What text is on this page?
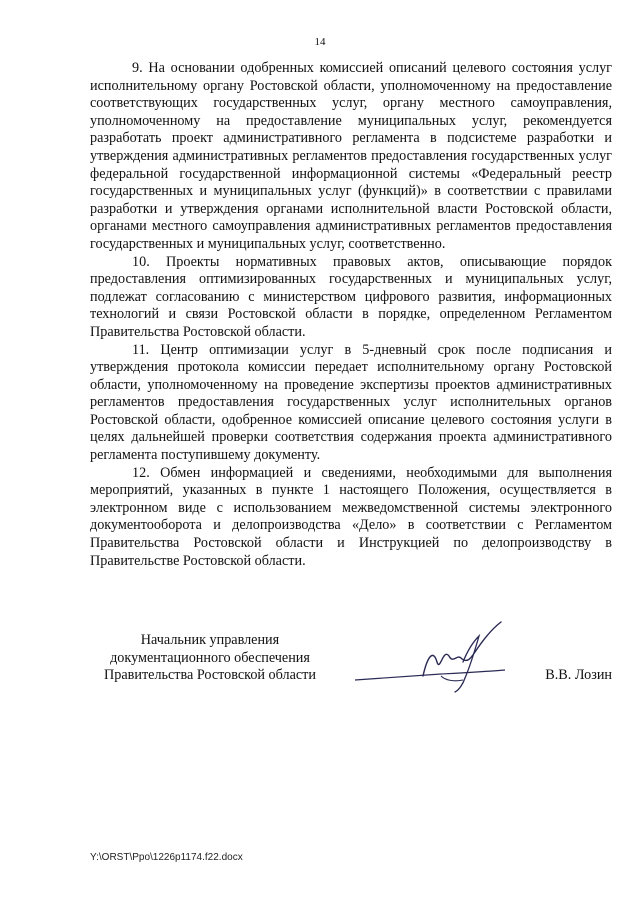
14

9. На основании одобренных комиссией описаний целевого состояния услуг исполнительному органу Ростовской области, уполномоченному на предоставление соответствующих государственных услуг, органу местного самоуправления, уполномоченному на предоставление муниципальных услуг, рекомендуется разработать проект административного регламента в подсистеме разработки и утверждения административных регламентов предоставления государственных услуг федеральной государственной информационной системы «Федеральный реестр государственных и муниципальных услуг (функций)» в соответствии с правилами разработки и утверждения органами исполнительной власти Ростовской области, органами местного самоуправления административных регламентов предоставления государственных и муниципальных услуг, соответственно.

10. Проекты нормативных правовых актов, описывающие порядок предоставления оптимизированных государственных и муниципальных услуг, подлежат согласованию с министерством цифрового развития, информационных технологий и связи Ростовской области в порядке, определенном Регламентом Правительства Ростовской области.

11. Центр оптимизации услуг в 5-дневный срок после подписания и утверждения протокола комиссии передает исполнительному органу Ростовской области, уполномоченному на проведение экспертизы проектов административных регламентов предоставления государственных услуг исполнительных органов Ростовской области, одобренное комиссией описание целевого состояния услуги в целях дальнейшей проверки соответствия содержания проекта административного регламента поступившему документу.

12. Обмен информацией и сведениями, необходимыми для выполнения мероприятий, указанных в пункте 1 настоящего Положения, осуществляется в электронном виде с использованием межведомственной системы электронного документооборота и делопроизводства «Дело» в соответствии с Регламентом Правительства Ростовской области и Инструкцией по делопроизводству в Правительстве Ростовской области.

Начальник управления
документационного обеспечения
Правительства Ростовской области	В.В. Лозин
Y:\ORST\Ppo\1226p1174.f22.docx
